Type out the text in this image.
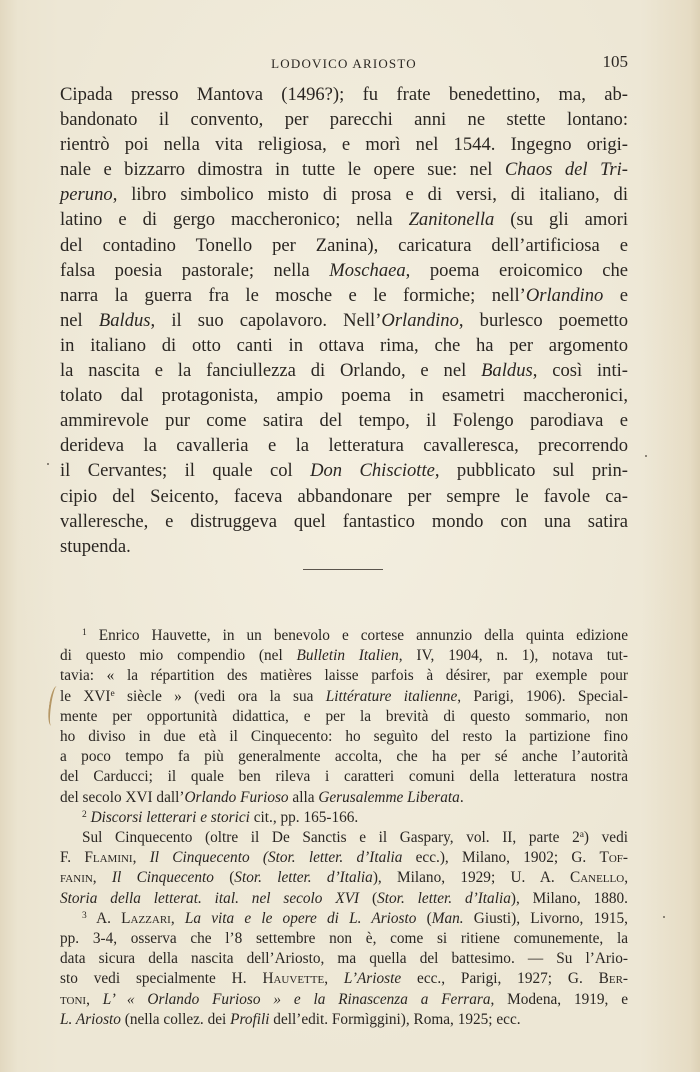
LODOVICO ARIOSTO	105
Cipada presso Mantova (1496?); fu frate benedettino, ma, ab-
bandonato il convento, per parecchi anni ne stette lontano:
rientrò poi nella vita religiosa, e morì nel 1544. Ingegno origi-
nale e bizzarro dimostra in tutte le opere sue: nel Chaos del Tri-
peruno, libro simbolico misto di prosa e di versi, di italiano, di
latino e di gergo maccheronico; nella Zanitonella (su gli amori
del contadino Tonello per Zanina), caricatura dell’artificiosa e
falsa poesia pastorale; nella Moschaea, poema eroicomico che
narra la guerra fra le mosche e le formiche; nell’Orlandino e
nel Baldus, il suo capolavoro. Nell’Orlandino, burlesco poemetto
in italiano di otto canti in ottava rima, che ha per argomento
la nascita e la fanciullezza di Orlando, e nel Baldus, così inti-
tolato dal protagonista, ampio poema in esametri maccheronici,
ammirevole pur come satira del tempo, il Folengo parodiava e
derideva la cavalleria e la letteratura cavalleresca, precorrendo
il Cervantes; il quale col Don Chisciotte, pubblicato sul prin-
cipio del Seicento, faceva abbandonare per sempre le favole ca-
valleresche, e distruggeva quel fantastico mondo con una satira
stupenda.
$^1$ Enrico Hauvette, in un benevolo e cortese annunzio della quinta edizione
di questo mio compendio (nel Bulletin Italien, IV, 1904, n. 1), notava tut-
tavia: « la répartition des matières laisse parfois à désirer, par exemple pour
le XVIe siècle » (vedi ora la sua Littérature italienne, Parigi, 1906). Special-
mente per opportunità didattica, e per la brevità di questo sommario, non
ho diviso in due età il Cinquecento: ho seguìto del resto la partizione fino
a poco tempo fa più generalmente accolta, che ha per sé anche l’autorità
del Carducci; il quale ben rileva i caratteri comuni della letteratura nostra
del secolo XVI dall’Orlando Furioso alla Gerusalemme Liberata.
$^2$ Discorsi letterari e storici cit., pp. 165-166.
Sul Cinquecento (oltre il De Sanctis e il Gaspary, vol. II, parte 2$^a$) vedi
F. Flamini, Il Cinquecento (Stor. letter. d’Italia ecc.), Milano, 1902; G. Tof-
fanin, Il Cinquecento (Stor. letter. d’Italia), Milano, 1929; U. A. Canello,
Storia della letterat. ital. nel secolo XVI (Stor. letter. d’Italia), Milano, 1880.
$^3$ A. Lazzari, La vita e le opere di L. Ariosto (Man. Giusti), Livorno, 1915,
pp. 3-4, osserva che l’8 settembre non è, come si ritiene comunemente, la
data sicura della nascita dell’Ariosto, ma quella del battesimo. — Su l’Ario-
sto vedi specialmente H. Hauvette, L’Arioste ecc., Parigi, 1927; G. Ber-
toni, L’ « Orlando Furioso » e la Rinascenza a Ferrara, Modena, 1919, e
L. Ariosto (nella collez. dei Profili dell’edit. Formìggini), Roma, 1925; ecc.
